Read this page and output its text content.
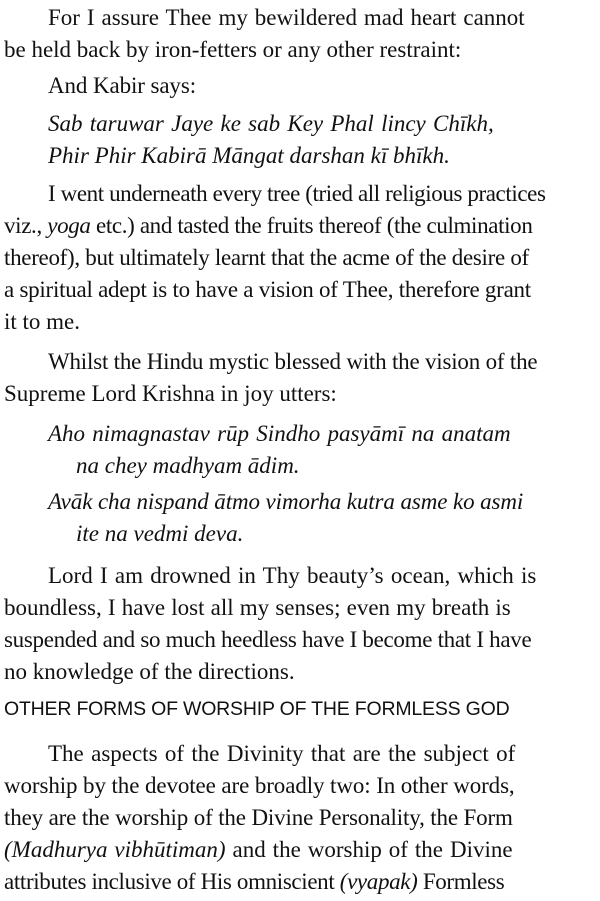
For I assure Thee my bewildered mad heart cannot
be held back by iron-fetters or any other restraint:
And Kabir says:
Sab taruwar Jaye ke sab Key Phal lincy Chīkh,
Phir Phir Kabirā Māngat darshan kī bhīkh.
I went underneath every tree (tried all religious practices
viz., yoga etc.) and tasted the fruits thereof (the culmination
thereof), but ultimately learnt that the acme of the desire of
a spiritual adept is to have a vision of Thee, therefore grant
it to me.
Whilst the Hindu mystic blessed with the vision of the
Supreme Lord Krishna in joy utters:
Aho nimagnastav rūp Sindho pasyāmī na anatam
na chey madhyam ādim.
Avāk cha nispand ātmo vimorha kutra asme ko asmi
ite na vedmi deva.
Lord I am drowned in Thy beauty’s ocean, which is
boundless, I have lost all my senses; even my breath is
suspended and so much heedless have I become that I have
no knowledge of the directions.
OTHER FORMS OF WORSHIP OF THE FORMLESS GOD
The aspects of the Divinity that are the subject of
worship by the devotee are broadly two: In other words,
they are the worship of the Divine Personality, the Form
(Madhurya vibhūtiman) and the worship of the Divine
attributes inclusive of His omniscient (vyapak) Formless
